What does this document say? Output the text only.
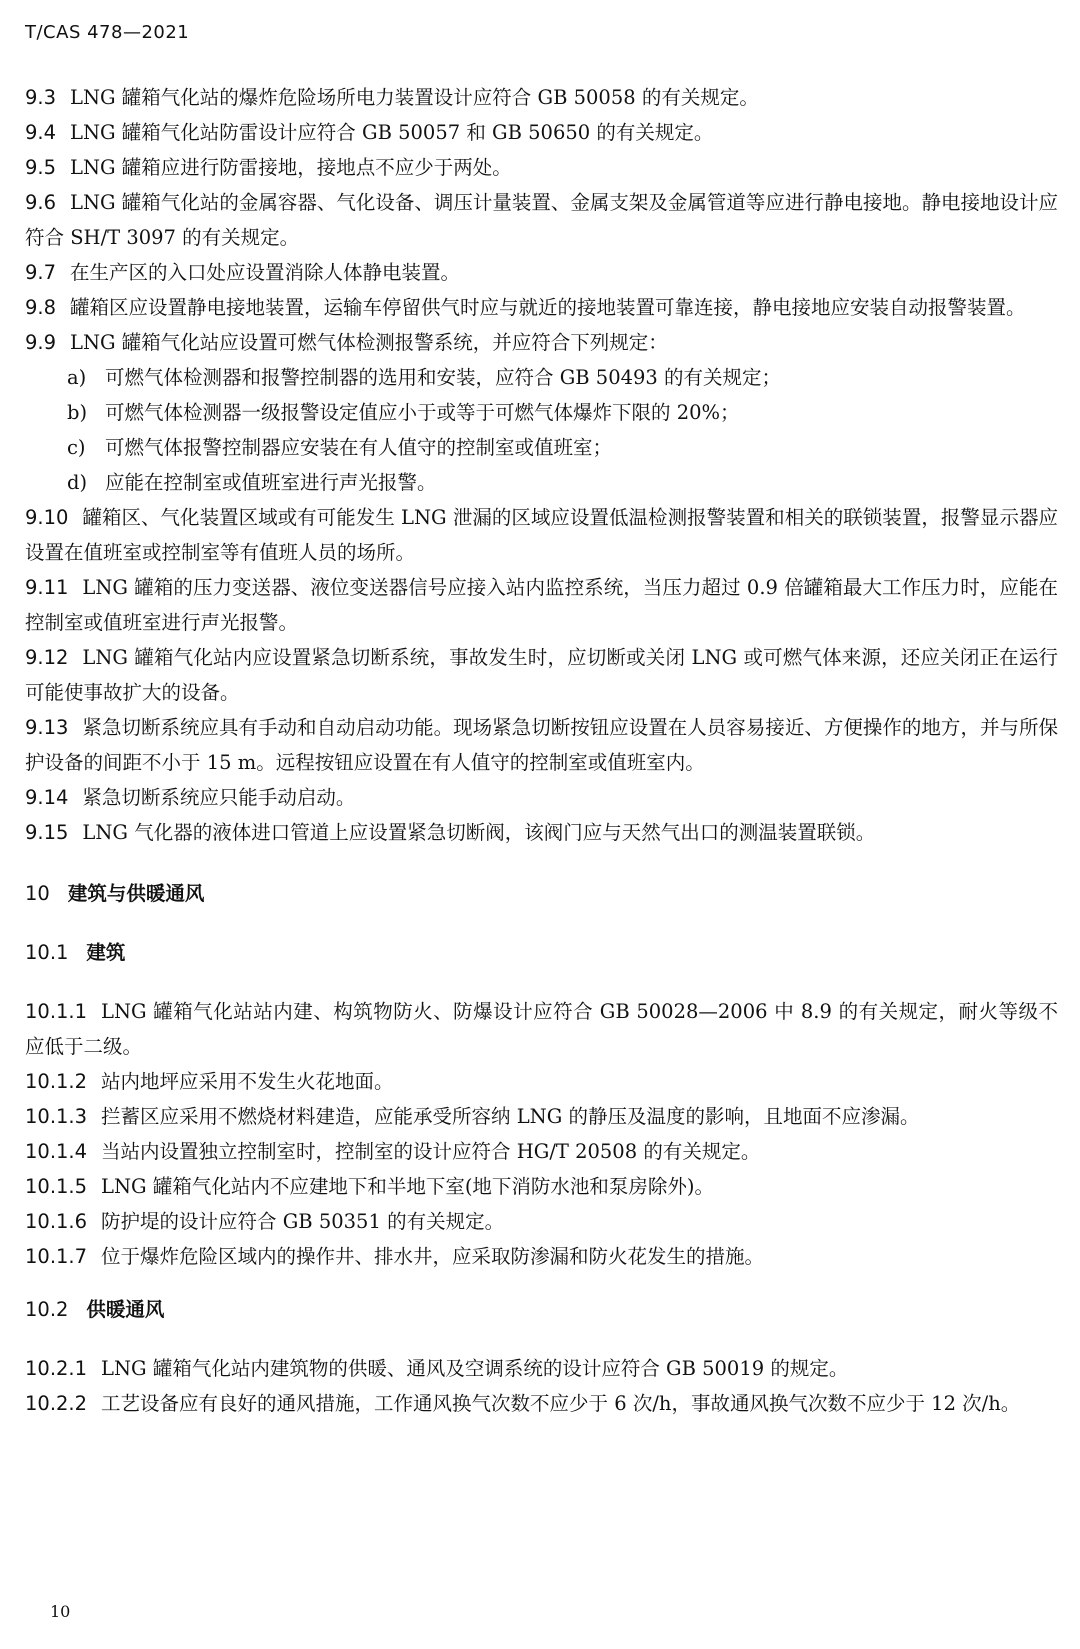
T/CAS 478—2021

9.3 LNG 罐箱气化站的爆炸危险场所电力装置设计应符合 GB 50058 的有关规定。

9.4 LNG 罐箱气化站防雷设计应符合 GB 50057 和 GB 50650 的有关规定。

9.5 LNG 罐箱应进行防雷接地，接地点不应少于两处。

9.6 LNG 罐箱气化站的金属容器、气化设备、调压计量装置、金属支架及金属管道等应进行静电接地。静电接地设计应符合 SH/T 3097 的有关规定。

9.7 在生产区的入口处应设置消除人体静电装置。

9.8 罐箱区应设置静电接地装置，运输车停留供气时应与就近的接地装置可靠连接，静电接地应安装自动报警装置。

9.9 LNG 罐箱气化站应设置可燃气体检测报警系统，并应符合下列规定：

a) 可燃气体检测器和报警控制器的选用和安装，应符合 GB 50493 的有关规定；

b) 可燃气体检测器一级报警设定值应小于或等于可燃气体爆炸下限的 20%；

c) 可燃气体报警控制器应安装在有人值守的控制室或值班室；

d) 应能在控制室或值班室进行声光报警。

9.10 罐箱区、气化装置区域或有可能发生 LNG 泄漏的区域应设置低温检测报警装置和相关的联锁装置，报警显示器应设置在值班室或控制室等有值班人员的场所。

9.11 LNG 罐箱的压力变送器、液位变送器信号应接入站内监控系统，当压力超过 0.9 倍罐箱最大工作压力时，应能在控制室或值班室进行声光报警。

9.12 LNG 罐箱气化站内应设置紧急切断系统，事故发生时，应切断或关闭 LNG 或可燃气体来源，还应关闭正在运行可能使事故扩大的设备。

9.13 紧急切断系统应具有手动和自动启动功能。现场紧急切断按钮应设置在人员容易接近、方便操作的地方，并与所保护设备的间距不小于 15 m。远程按钮应设置在有人值守的控制室或值班室内。

9.14 紧急切断系统应只能手动启动。

9.15 LNG 气化器的液体进口管道上应设置紧急切断阀，该阀门应与天然气出口的测温装置联锁。

10 建筑与供暖通风
10.1 建筑

10.1.1 LNG 罐箱气化站站内建、构筑物防火、防爆设计应符合 GB 50028—2006 中 8.9 的有关规定，耐火等级不应低于二级。

10.1.2 站内地坪应采用不发生火花地面。

10.1.3 拦蓄区应采用不燃烧材料建造，应能承受所容纳 LNG 的静压及温度的影响，且地面不应渗漏。

10.1.4 当站内设置独立控制室时，控制室的设计应符合 HG/T 20508 的有关规定。

10.1.5 LNG 罐箱气化站内不应建地下和半地下室(地下消防水池和泵房除外)。

10.1.6 防护堤的设计应符合 GB 50351 的有关规定。

10.1.7 位于爆炸危险区域内的操作井、排水井，应采取防渗漏和防火花发生的措施。

10.2 供暖通风

10.2.1 LNG 罐箱气化站内建筑物的供暖、通风及空调系统的设计应符合 GB 50019 的规定。

10.2.2 工艺设备应有良好的通风措施，工作通风换气次数不应少于 6 次/h，事故通风换气次数不应少于 12 次/h。

10
